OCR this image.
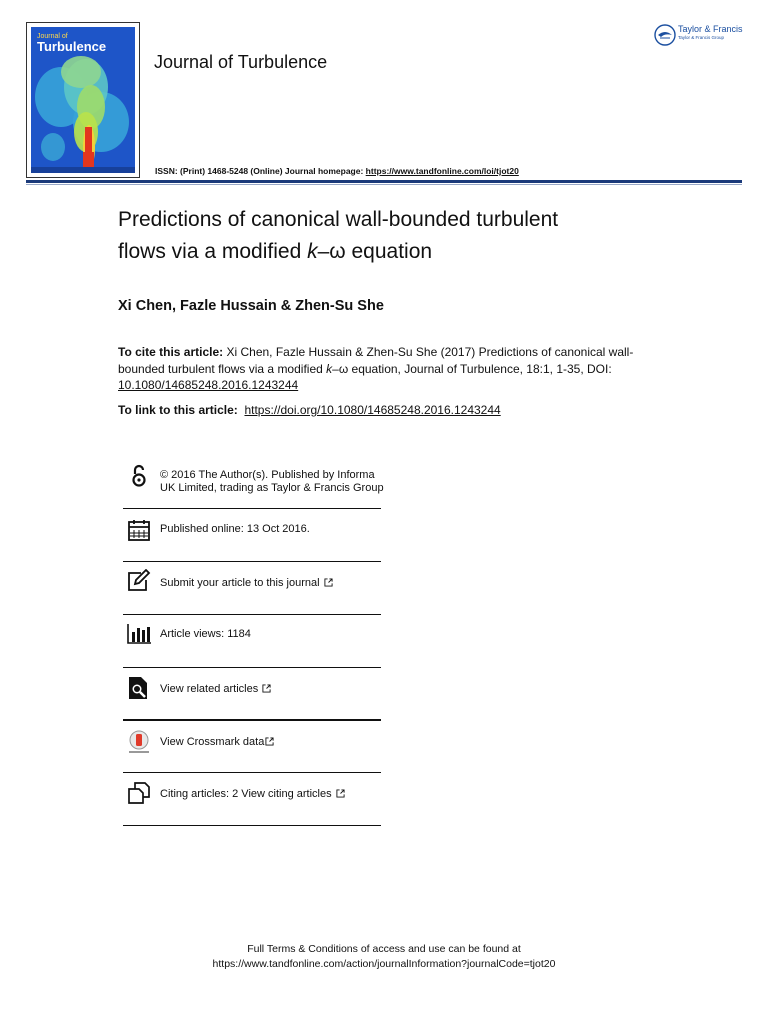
Journal of
Turbulence
Journal of Turbulence
ISSN: (Print) 1468-5248 (Online) Journal homepage: https://www.tandfonline.com/loi/tjot20
Taylor & Francis
Taylor & Francis Group
Predictions of canonical wall-bounded turbulent
flows via a modified k–ω equation
Xi Chen, Fazle Hussain & Zhen-Su She
To cite this article: Xi Chen, Fazle Hussain & Zhen-Su She (2017) Predictions of canonical wall-bounded turbulent flows via a modified k–ω equation, Journal of Turbulence, 18:1, 1-35, DOI: 10.1080/14685248.2016.1243244
To link to this article:  https://doi.org/10.1080/14685248.2016.1243244
© 2016 The Author(s). Published by Informa UK Limited, trading as Taylor & Francis Group
Published online: 13 Oct 2016.
Submit your article to this journal
Article views: 1184
View related articles
View Crossmark data
Citing articles: 2 View citing articles
Full Terms & Conditions of access and use can be found at
https://www.tandfonline.com/action/journalInformation?journalCode=tjot20
